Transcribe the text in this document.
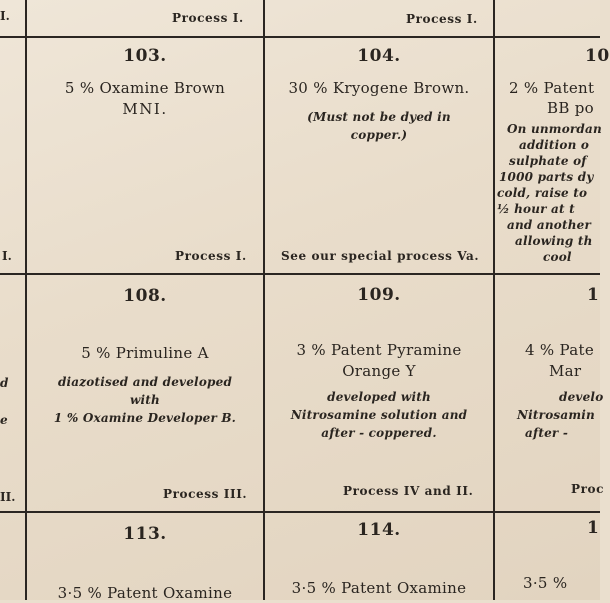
I.	Process I.	Process I.
103.
5 % Oxamine Brown
MNI.
Process I.
104.
30 % Kryogene Brown.
(Must not be dyed in
copper.)
See our special process Va.
10
2 % Patent
BB po
On unmordan
addition o
sulphate of
1000 parts dy
cold, raise to
½ hour at t
and another
allowing th
cool
I.
108.
5 % Primuline A
diazotised and developed
with
1 % Oxamine Developer B.
Process III.
109.
3 % Patent Pyramine
Orange Y
developed with
Nitrosamine solution and
after - coppered.
Process IV and II.
1
4 % Pate
Mar
develo
Nitrosamin
after -
Proc
d
e
II.
113.
3·5 % Patent Oxamine
114.
3·5 % Patent Oxamine
1
3·5 %
